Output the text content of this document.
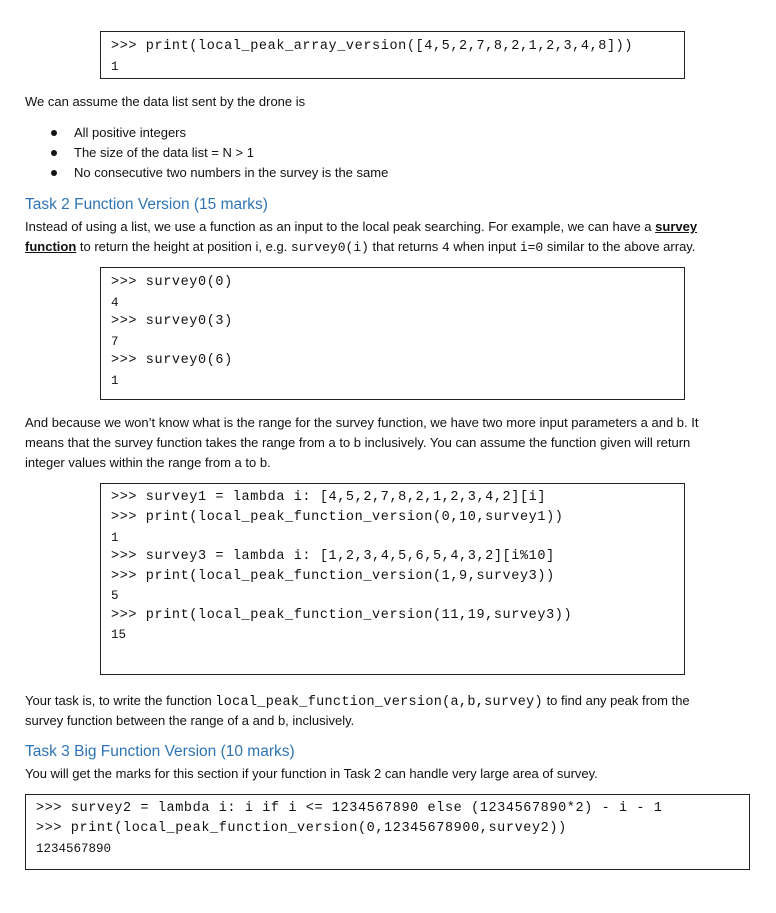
>>> print(local_peak_array_version([4,5,2,7,8,2,1,2,3,4,8]))
1
We can assume the data list sent by the drone is
All positive integers
The size of the data list = N > 1
No consecutive two numbers in the survey is the same
Task 2 Function Version (15 marks)
Instead of using a list, we use a function as an input to the local peak searching. For example, we can have a survey
function to return the height at position i, e.g. survey0(i) that returns 4 when input i=0 similar to the above array.
>>> survey0(0)
4
>>> survey0(3)
7
>>> survey0(6)
1
And because we won’t know what is the range for the survey function, we have two more input parameters a and b. It
means that the survey function takes the range from a to b inclusively. You can assume the function given will return
integer values within the range from a to b.
>>> survey1 = lambda i: [4,5,2,7,8,2,1,2,3,4,2][i]
>>> print(local_peak_function_version(0,10,survey1))
1
>>> survey3 = lambda i: [1,2,3,4,5,6,5,4,3,2][i%10]
>>> print(local_peak_function_version(1,9,survey3))
5
>>> print(local_peak_function_version(11,19,survey3))
15
Your task is, to write the function local_peak_function_version(a,b,survey) to find any peak from the
survey function between the range of a and b, inclusively.
Task 3 Big Function Version (10 marks)
You will get the marks for this section if your function in Task 2 can handle very large area of survey.
>>> survey2 = lambda i: i if i <= 1234567890 else (1234567890*2) - i - 1
>>> print(local_peak_function_version(0,12345678900,survey2))
1234567890
